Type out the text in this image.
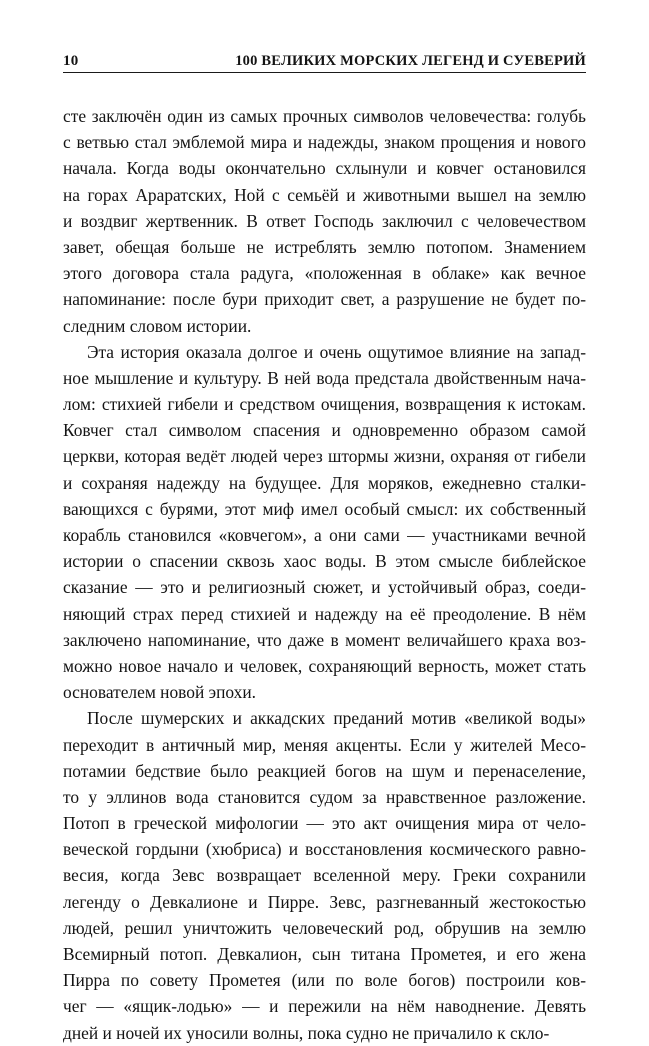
10	100 ВЕЛИКИХ МОРСКИХ ЛЕГЕНД И СУЕВЕРИЙ
сте заключён один из самых прочных символов человечества: голубь
с ветвью стал эмблемой мира и надежды, знаком прощения и нового
начала. Когда воды окончательно схлынули и ковчег остановился
на горах Араратских, Ной с семьёй и животными вышел на землю
и воздвиг жертвенник. В ответ Господь заключил с человечеством
завет, обещая больше не истреблять землю потопом. Знамением
этого договора стала радуга, «положенная в облаке» как вечное
напоминание: после бури приходит свет, а разрушение не будет по-
следним словом истории.
Эта история оказала долгое и очень ощутимое влияние на запад-
ное мышление и культуру. В ней вода предстала двойственным нача-
лом: стихией гибели и средством очищения, возвращения к истокам.
Ковчег стал символом спасения и одновременно образом самой
церкви, которая ведёт людей через штормы жизни, охраняя от гибели
и сохраняя надежду на будущее. Для моряков, ежедневно сталки-
вающихся с бурями, этот миф имел особый смысл: их собственный
корабль становился «ковчегом», а они сами — участниками вечной
истории о спасении сквозь хаос воды. В этом смысле библейское
сказание — это и религиозный сюжет, и устойчивый образ, соеди-
няющий страх перед стихией и надежду на её преодоление. В нём
заключено напоминание, что даже в момент величайшего краха воз-
можно новое начало и человек, сохраняющий верность, может стать
основателем новой эпохи.
После шумерских и аккадских преданий мотив «великой воды»
переходит в античный мир, меняя акценты. Если у жителей Месо-
потамии бедствие было реакцией богов на шум и перенаселение,
то у эллинов вода становится судом за нравственное разложение.
Потоп в греческой мифологии — это акт очищения мира от чело-
веческой гордыни (хюбриса) и восстановления космического равно-
весия, когда Зевс возвращает вселенной меру. Греки сохранили
легенду о Девкалионе и Пирре. Зевс, разгневанный жестокостью
людей, решил уничтожить человеческий род, обрушив на землю
Всемирный потоп. Девкалион, сын титана Прометея, и его жена
Пирра по совету Прометея (или по воле богов) построили ков-
чег — «ящик-лодью» — и пережили на нём наводнение. Девять
дней и ночей их уносили волны, пока судно не причалило к скло-
